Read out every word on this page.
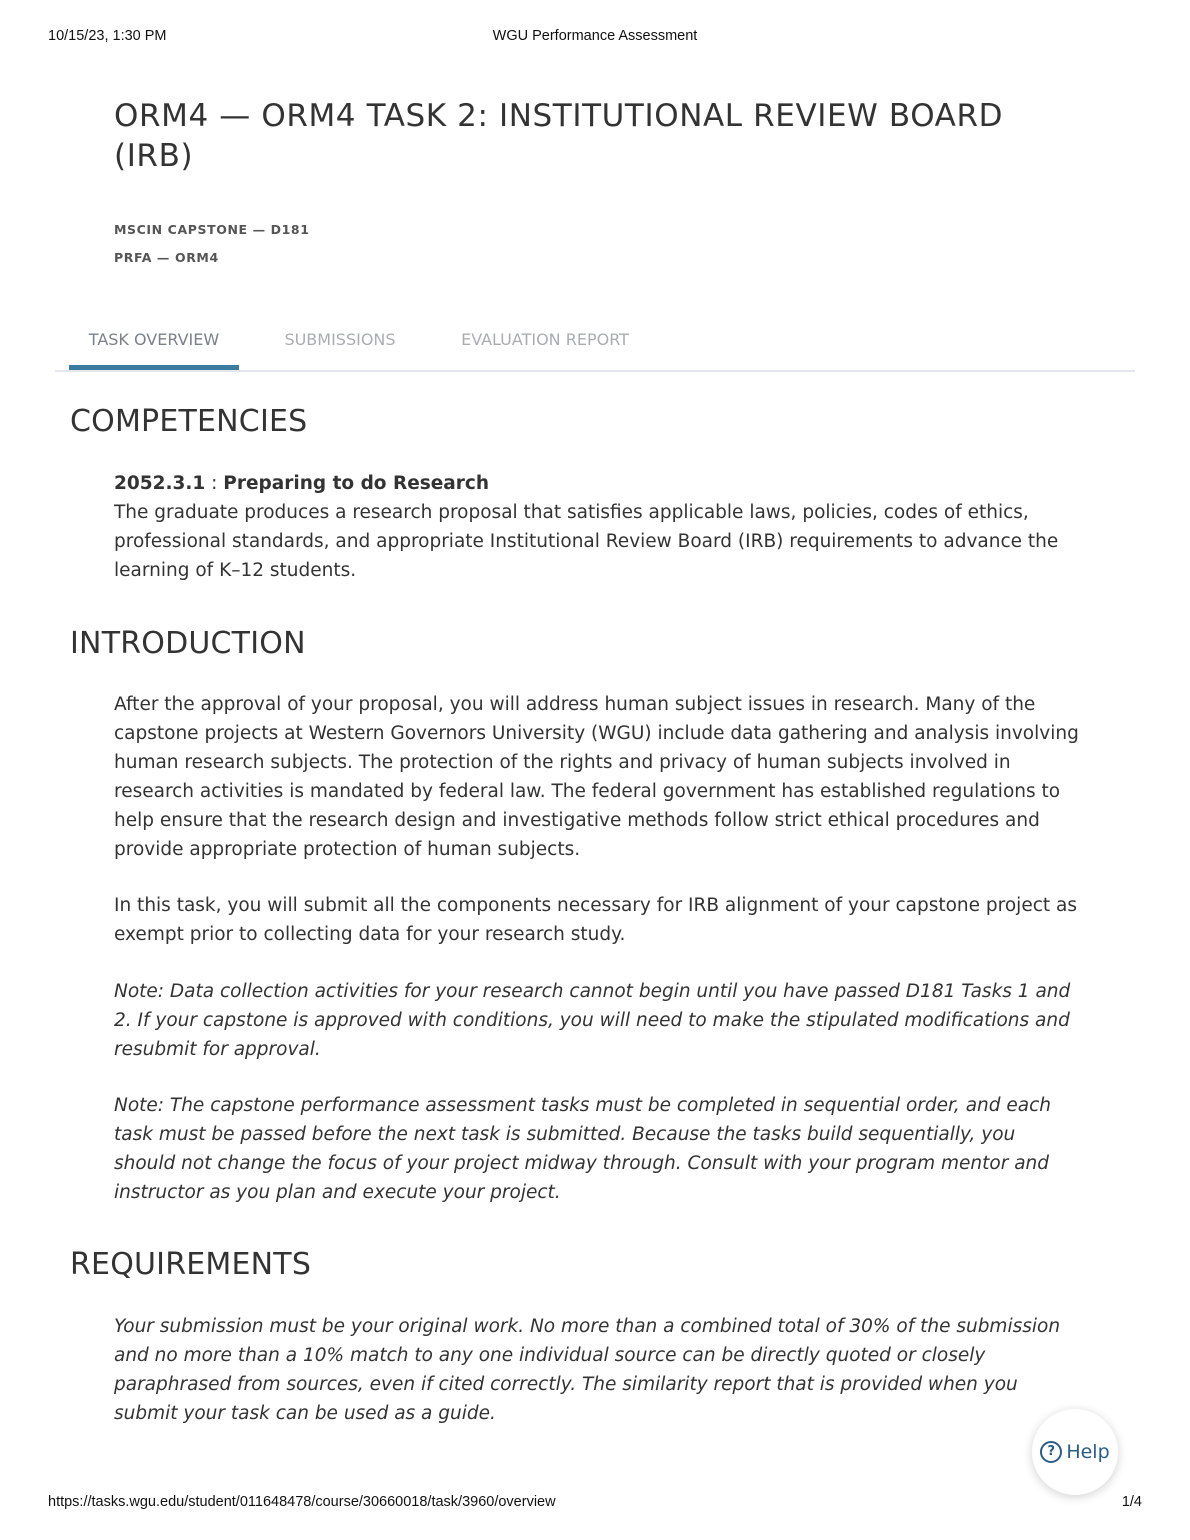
10/15/23, 1:30 PM	WGU Performance Assessment
ORM4 — ORM4 TASK 2: INSTITUTIONAL REVIEW BOARD (IRB)
MSCIN CAPSTONE — D181
PRFA — ORM4
TASK OVERVIEW	SUBMISSIONS	EVALUATION REPORT
COMPETENCIES
2052.3.1 : Preparing to do Research
The graduate produces a research proposal that satisfies applicable laws, policies, codes of ethics, professional standards, and appropriate Institutional Review Board (IRB) requirements to advance the learning of K–12 students.
INTRODUCTION

After the approval of your proposal, you will address human subject issues in research. Many of the capstone projects at Western Governors University (WGU) include data gathering and analysis involving human research subjects. The protection of the rights and privacy of human subjects involved in research activities is mandated by federal law. The federal government has established regulations to help ensure that the research design and investigative methods follow strict ethical procedures and provide appropriate protection of human subjects.

In this task, you will submit all the components necessary for IRB alignment of your capstone project as exempt prior to collecting data for your research study.

Note: Data collection activities for your research cannot begin until you have passed D181 Tasks 1 and 2. If your capstone is approved with conditions, you will need to make the stipulated modifications and resubmit for approval.

Note: The capstone performance assessment tasks must be completed in sequential order, and each task must be passed before the next task is submitted. Because the tasks build sequentially, you should not change the focus of your project midway through. Consult with your program mentor and instructor as you plan and execute your project.

REQUIREMENTS

Your submission must be your original work. No more than a combined total of 30% of the submission and no more than a 10% match to any one individual source can be directly quoted or closely paraphrased from sources, even if cited correctly. The similarity report that is provided when you submit your task can be used as a guide.

? Help
https://tasks.wgu.edu/student/011648478/course/30660018/task/3960/overview	1/4
